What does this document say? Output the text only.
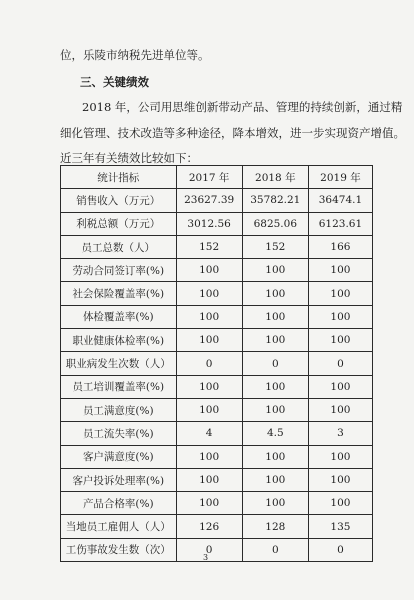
位，乐陵市纳税先进单位等。
三、关键绩效
2018 年，公司用思维创新带动产品、管理的持续创新，通过精
细化管理、技术改造等多种途径，降本增效，进一步实现资产增值。
近三年有关绩效比较如下：
统计指标	2017 年	2018 年	2019 年
销售收入（万元）	23627.39	35782.21	36474.1
利税总额（万元）	3012.56	6825.06	6123.61
员工总数（人）	152	152	166
劳动合同签订率(%)	100	100	100
社会保险覆盖率(%)	100	100	100
体检覆盖率(%)	100	100	100
职业健康体检率(%)	100	100	100
职业病发生次数（人）	0	0	0
员工培训覆盖率(%)	100	100	100
员工满意度(%)	100	100	100
员工流失率(%)	4	4.5	3
客户满意度(%)	100	100	100
客户投诉处理率(%)	100	100	100
产品合格率(%)	100	100	100
当地员工雇佣人（人）	126	128	135
工伤事故发生数（次）	0	0	0
3
